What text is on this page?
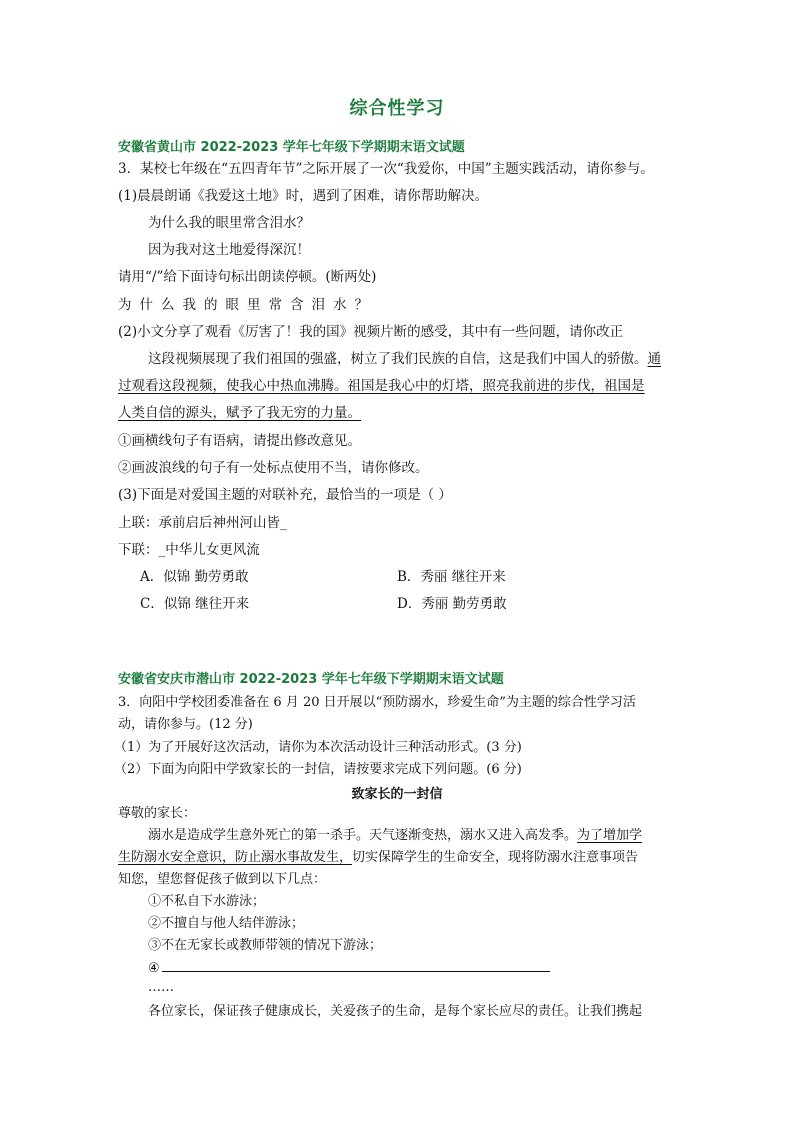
综合性学习
安徽省黄山市 2022-2023 学年七年级下学期期末语文试题
3．某校七年级在“五四青年节”之际开展了一次“我爱你，中国”主题实践活动，请你参与。
(1)晨晨朗诵《我爱这土地》时，遇到了困难，请你帮助解决。
为什么我的眼里常含泪水？
因为我对这土地爱得深沉！
请用“/”给下面诗句标出朗读停顿。(断两处)
为什么我的眼里常含泪水？
(2)小文分享了观看《厉害了！我的国》视频片断的感受，其中有一些问题，请你改正
这段视频展现了我们祖国的强盛，树立了我们民族的自信，这是我们中国人的骄傲。通
过观看这段视频，使我心中热血沸腾。祖国是我心中的灯塔，照亮我前进的步伐，祖国是
人类自信的源头，赋予了我无穷的力量。
①画横线句子有语病，请提出修改意见。
②画波浪线的句子有一处标点使用不当，请你修改。
(3)下面是对爱国主题的对联补充，最恰当的一项是（ ）
上联：承前启后神州河山皆_
下联：_中华儿女更风流
A．似锦 勤劳勇敢	B．秀丽 继往开来
C．似锦 继往开来	D．秀丽 勤劳勇敢
安徽省安庆市潜山市 2022-2023 学年七年级下学期期末语文试题
3．向阳中学校团委准备在 6 月 20 日开展以“预防溺水，珍爱生命”为主题的综合性学习活
动，请你参与。(12 分)
（1）为了开展好这次活动，请你为本次活动设计三种活动形式。(3 分)
（2）下面为向阳中学致家长的一封信，请按要求完成下列问题。(6 分)
致家长的一封信
尊敬的家长：
溺水是造成学生意外死亡的第一杀手。天气逐渐变热，溺水又进入高发季。为了增加学
生防溺水安全意识，防止溺水事故发生，切实保障学生的生命安全，现将防溺水注意事项告
知您，望您督促孩子做到以下几点：
①不私自下水游泳；
②不擅自与他人结伴游泳；
③不在无家长或教师带领的情况下游泳；
④
……
各位家长，保证孩子健康成长，关爱孩子的生命，是每个家长应尽的责任。让我们携起
